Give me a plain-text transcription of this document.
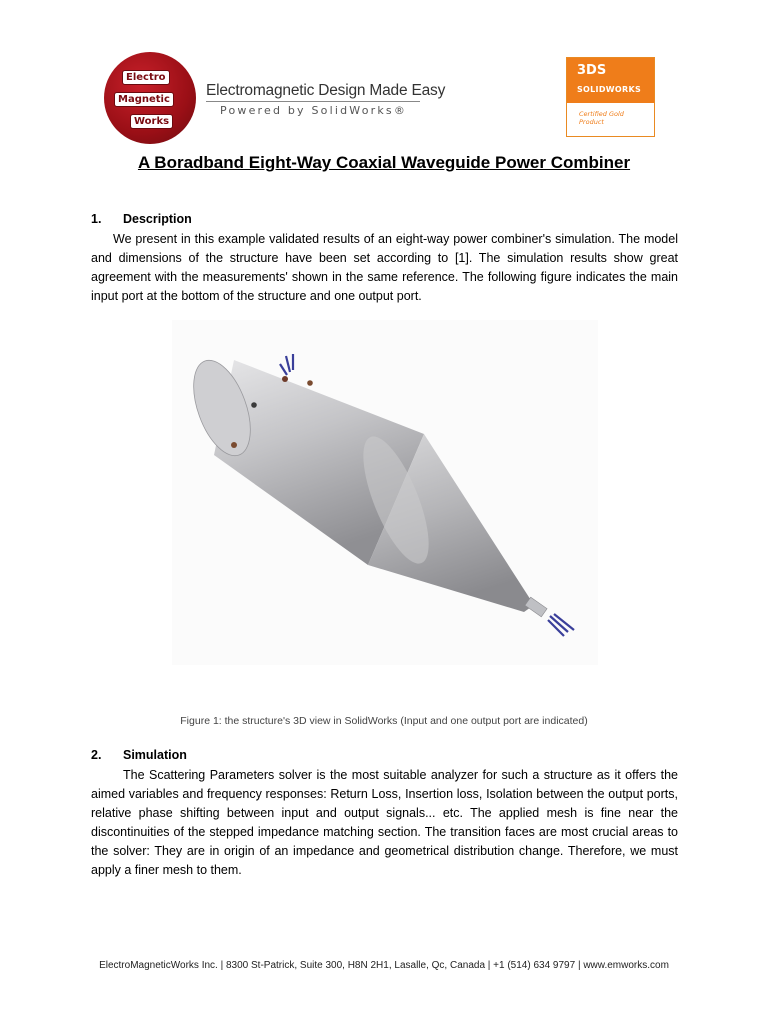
Electro
Magnetic
Works
Electromagnetic Design Made Easy
Powered by SolidWorks®
3DS
SOLIDWORKS
Certified Gold Product
A Boradband Eight-Way Coaxial Waveguide Power Combiner
1. Description
We present in this example validated results of an eight-way power combiner's simulation. The model and dimensions of the structure have been set according to [1]. The simulation results show great agreement with the measurements' shown in the same reference. The following figure indicates the main input port at the bottom of the structure and one output port.
Figure 1: the structure's 3D view in SolidWorks (Input and one output port are indicated)
2. Simulation
The Scattering Parameters solver is the most suitable analyzer for such a structure as it offers the aimed variables and frequency responses: Return Loss, Insertion loss, Isolation between the output ports, relative phase shifting between input and output signals... etc. The applied mesh is fine near the discontinuities of the stepped impedance matching section. The transition faces are most crucial areas to the solver: They are in origin of an impedance and geometrical distribution change. Therefore, we must apply a finer mesh to them.
ElectroMagneticWorks Inc. | 8300 St-Patrick, Suite 300, H8N 2H1, Lasalle, Qc, Canada | +1 (514) 634 9797 | www.emworks.com
